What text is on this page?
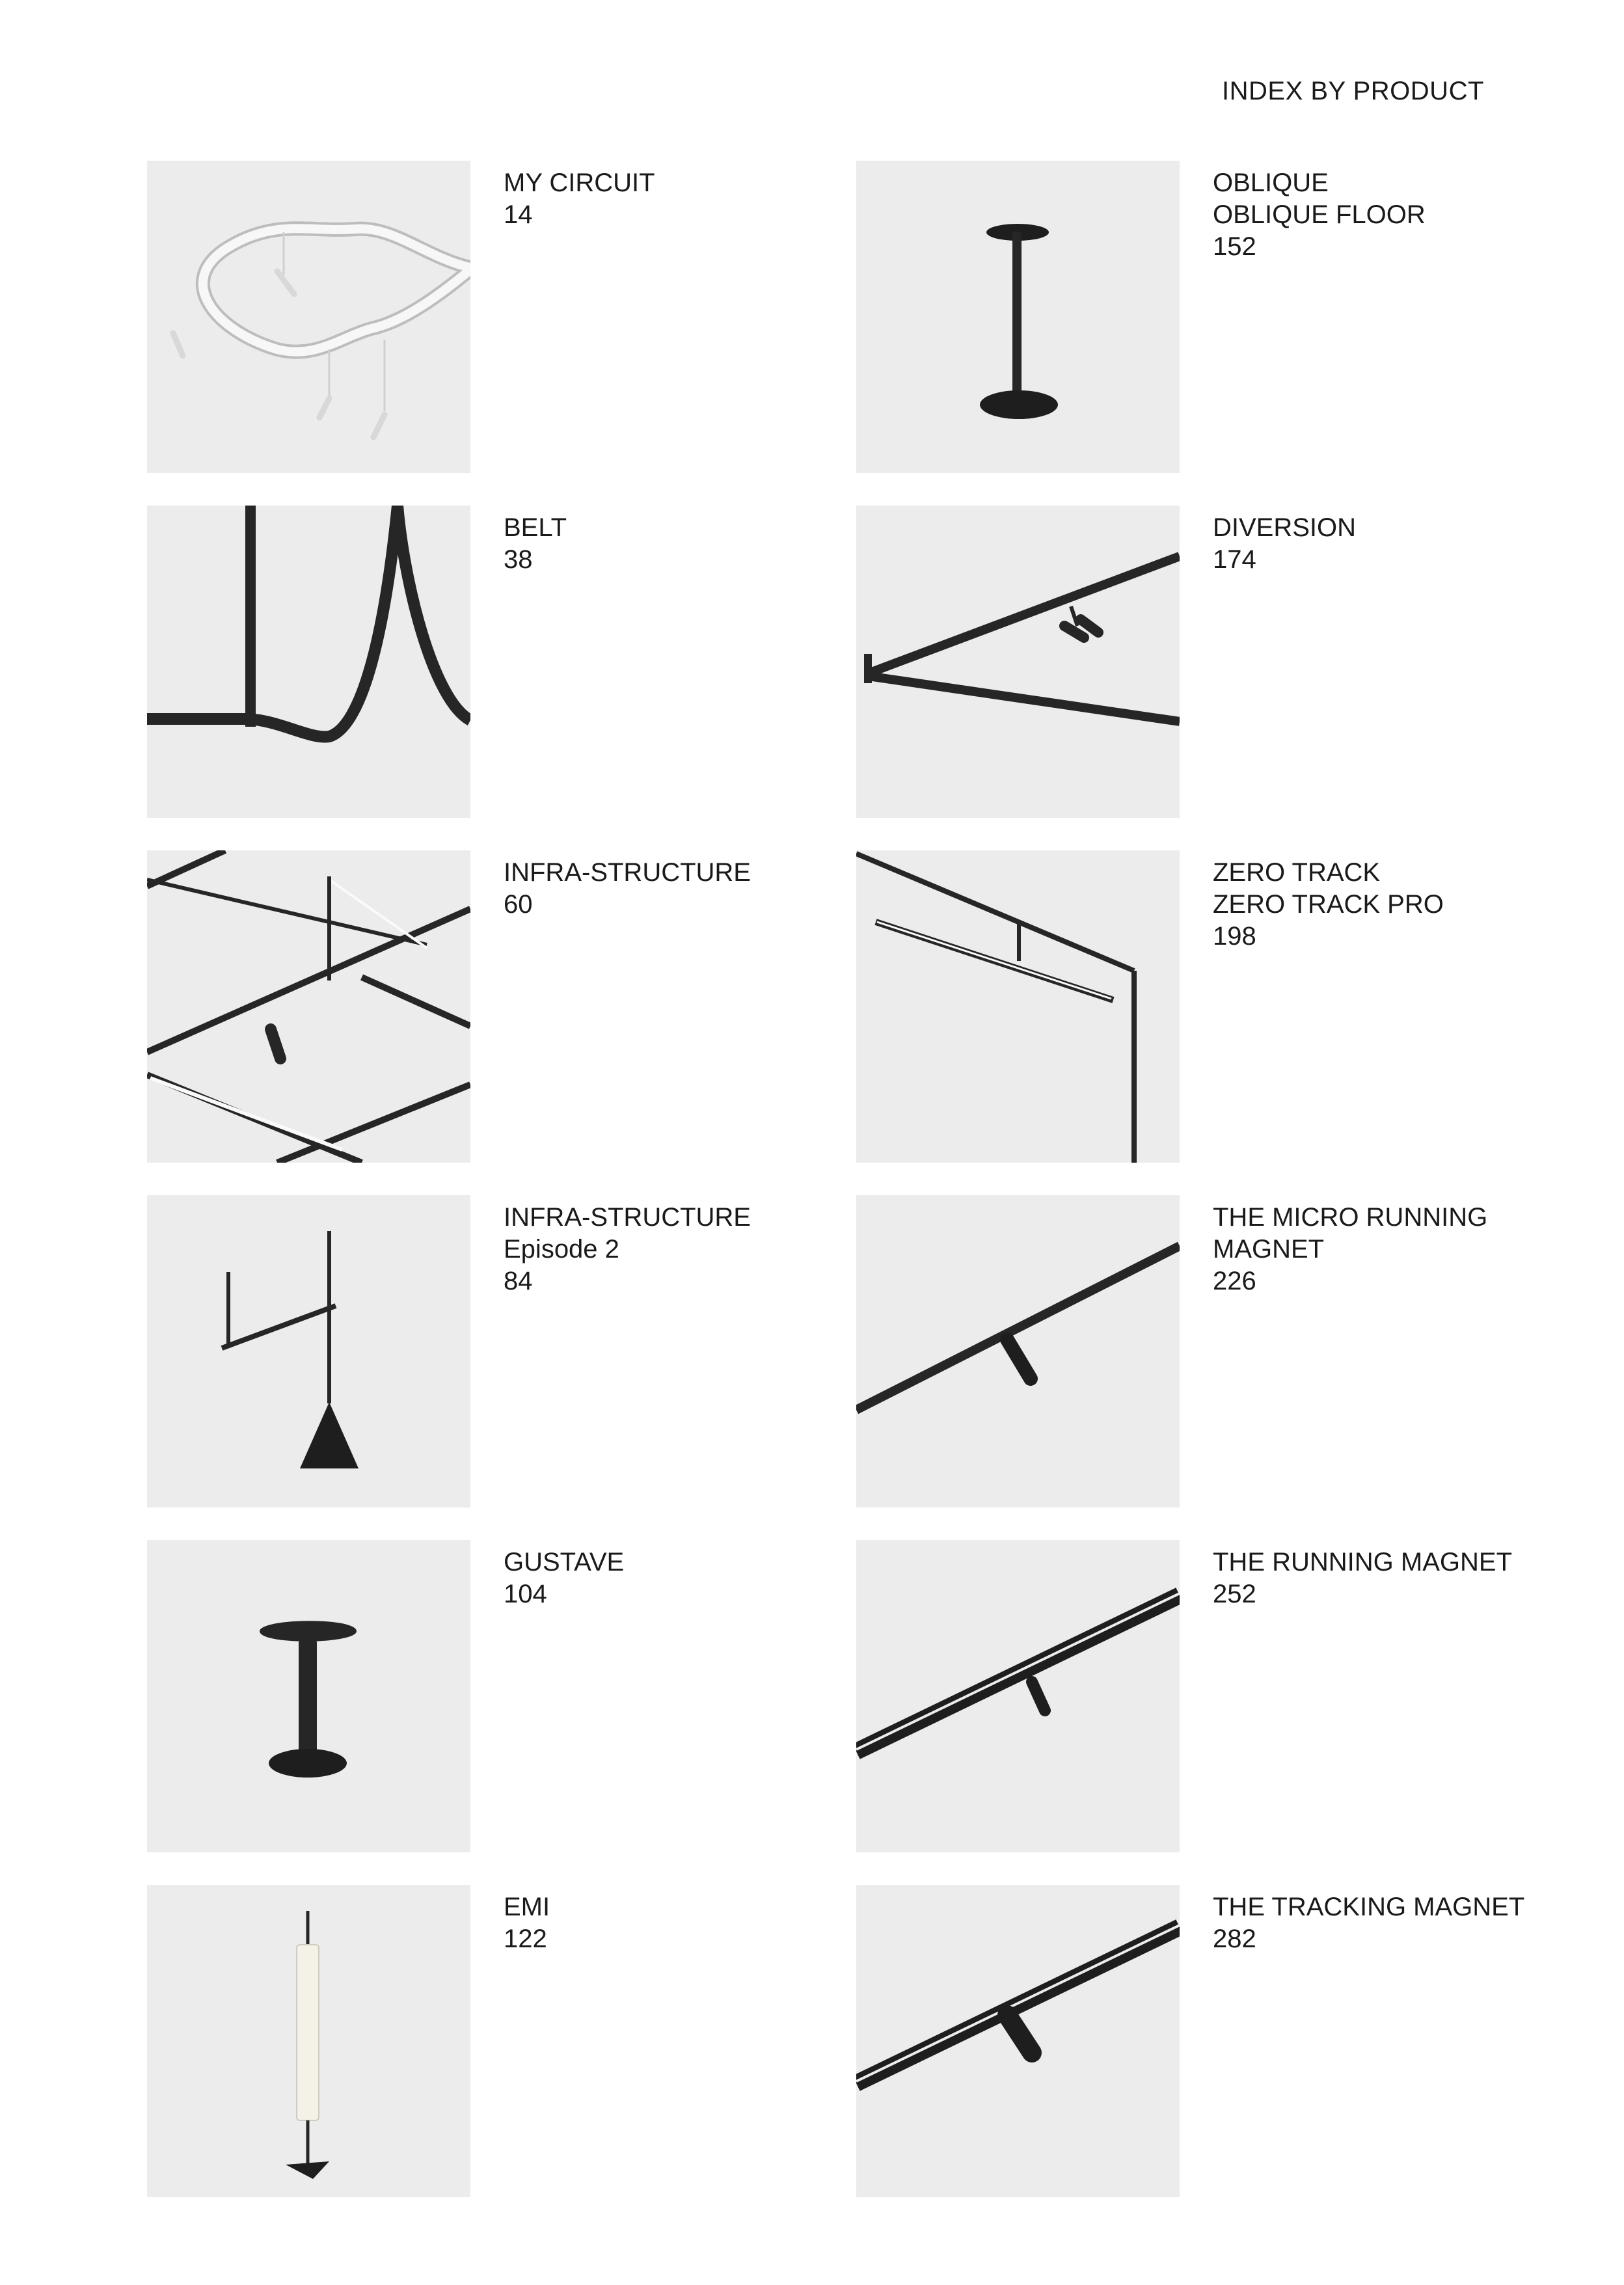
INDEX BY PRODUCT
MY CIRCUIT
14
OBLIQUE
OBLIQUE FLOOR
152
BELT
38
DIVERSION
174
INFRA-STRUCTURE
60
ZERO TRACK
ZERO TRACK PRO
198
INFRA-STRUCTURE
Episode 2
84
THE MICRO RUNNING
MAGNET
226
GUSTAVE
104
THE RUNNING MAGNET
252
EMI
122
THE TRACKING MAGNET
282
